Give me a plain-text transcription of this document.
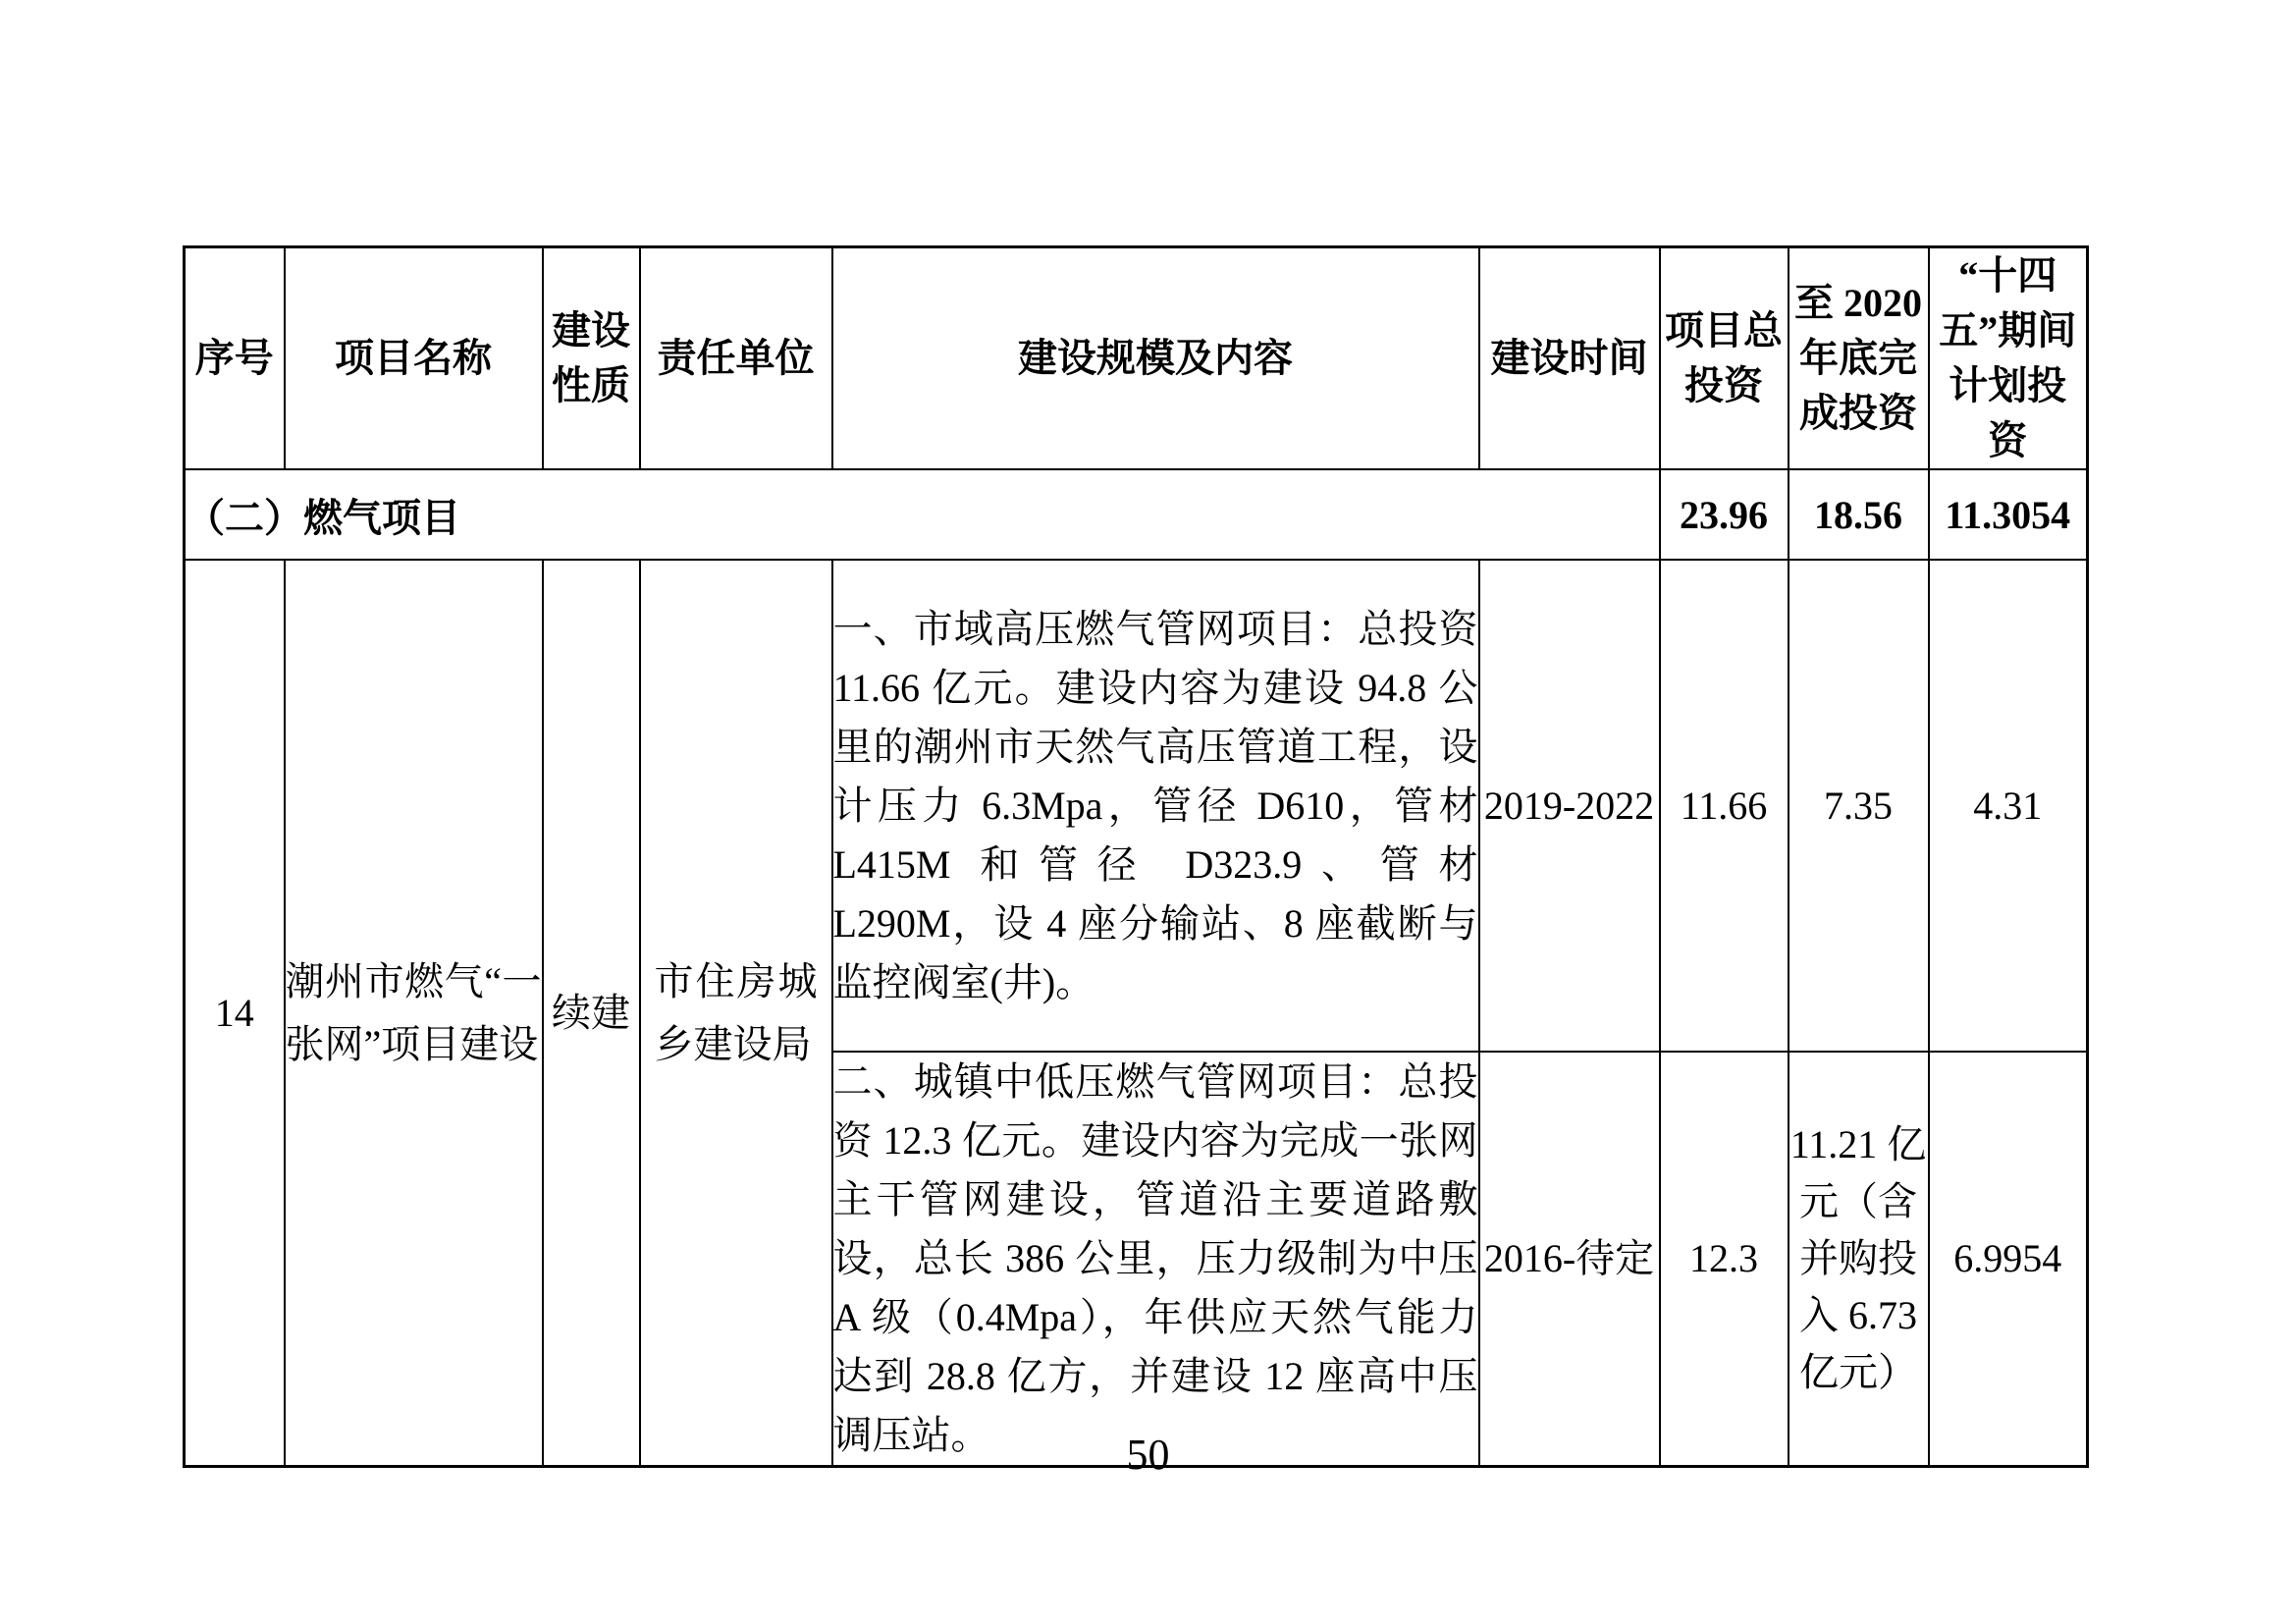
序号	项目名称	建设性质	责任单位	建设规模及内容	建设时间	项目总投资	至 2020 年底完成投资	“十四五”期间计划投资
（二）燃气项目						23.96	18.56	11.3054
14	潮州市燃气“一张网”项目建设	续建	市住房城乡建设局	一、市域高压燃气管网项目：总投资 11.66 亿元。建设内容为建设 94.8 公里的潮州市天然气高压管道工程，设计压力 6.3Mpa，管径 D610，管材 L415M 和管径 D323.9、管材 L290M，设 4 座分输站、8 座截断与监控阀室(井)。	2019-2022	11.66	7.35	4.31
				二、城镇中低压燃气管网项目：总投资 12.3 亿元。建设内容为完成一张网主干管网建设，管道沿主要道路敷设，总长 386 公里，压力级制为中压 A 级（0.4Mpa），年供应天然气能力达到 28.8 亿方，并建设 12 座高中压调压站。	2016-待定	12.3	11.21 亿元（含并购投入 6.73 亿元）	6.9954
50
